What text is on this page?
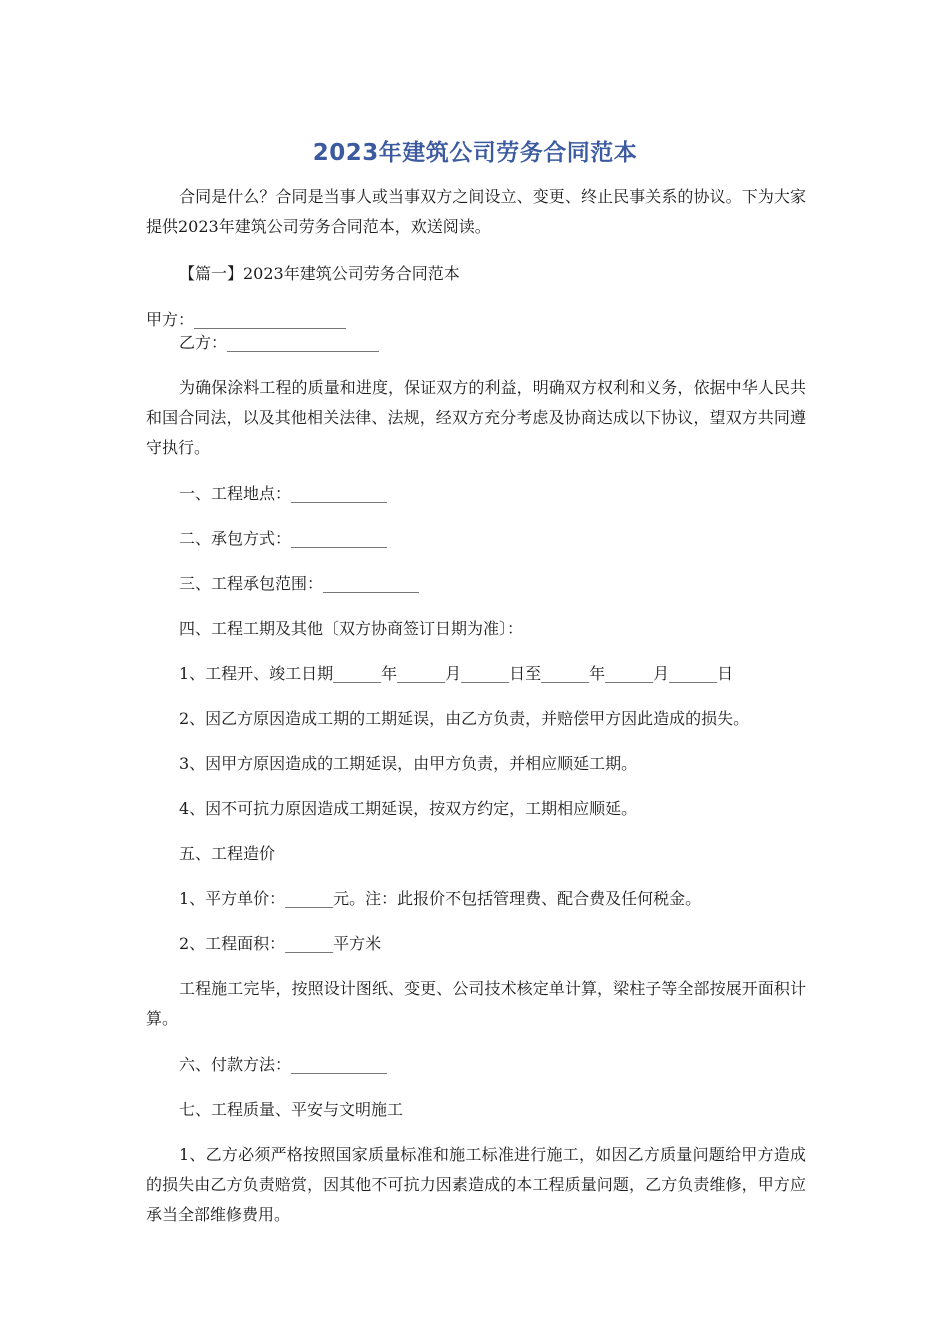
2023年建筑公司劳务合同范本
合同是什么？合同是当事人或当事双方之间设立、变更、终止民事关系的协议。下为大家提供2023年建筑公司劳务合同范本，欢送阅读。
【篇一】2023年建筑公司劳务合同范本
甲方：___________________
乙方：___________________
为确保涂料工程的质量和进度，保证双方的利益，明确双方权利和义务，依据中华人民共和国合同法，以及其他相关法律、法规，经双方充分考虑及协商达成以下协议，望双方共同遵守执行。
一、工程地点：____________
二、承包方式：____________
三、工程承包范围：____________
四、工程工期及其他〔双方协商签订日期为准〕：
1、工程开、竣工日期______年______月______日至______年______月______日
2、因乙方原因造成工期的工期延误，由乙方负责，并赔偿甲方因此造成的损失。
3、因甲方原因造成的工期延误，由甲方负责，并相应顺延工期。
4、因不可抗力原因造成工期延误，按双方约定，工期相应顺延。
五、工程造价
1、平方单价：______元。注：此报价不包括管理费、配合费及任何税金。
2、工程面积：______平方米
工程施工完毕，按照设计图纸、变更、公司技术核定单计算，梁柱子等全部按展开面积计算。
六、付款方法：____________
七、工程质量、平安与文明施工
1、乙方必须严格按照国家质量标准和施工标准进行施工，如因乙方质量问题给甲方造成的损失由乙方负责赔赏，因其他不可抗力因素造成的本工程质量问题，乙方负责维修，甲方应承当全部维修费用。
